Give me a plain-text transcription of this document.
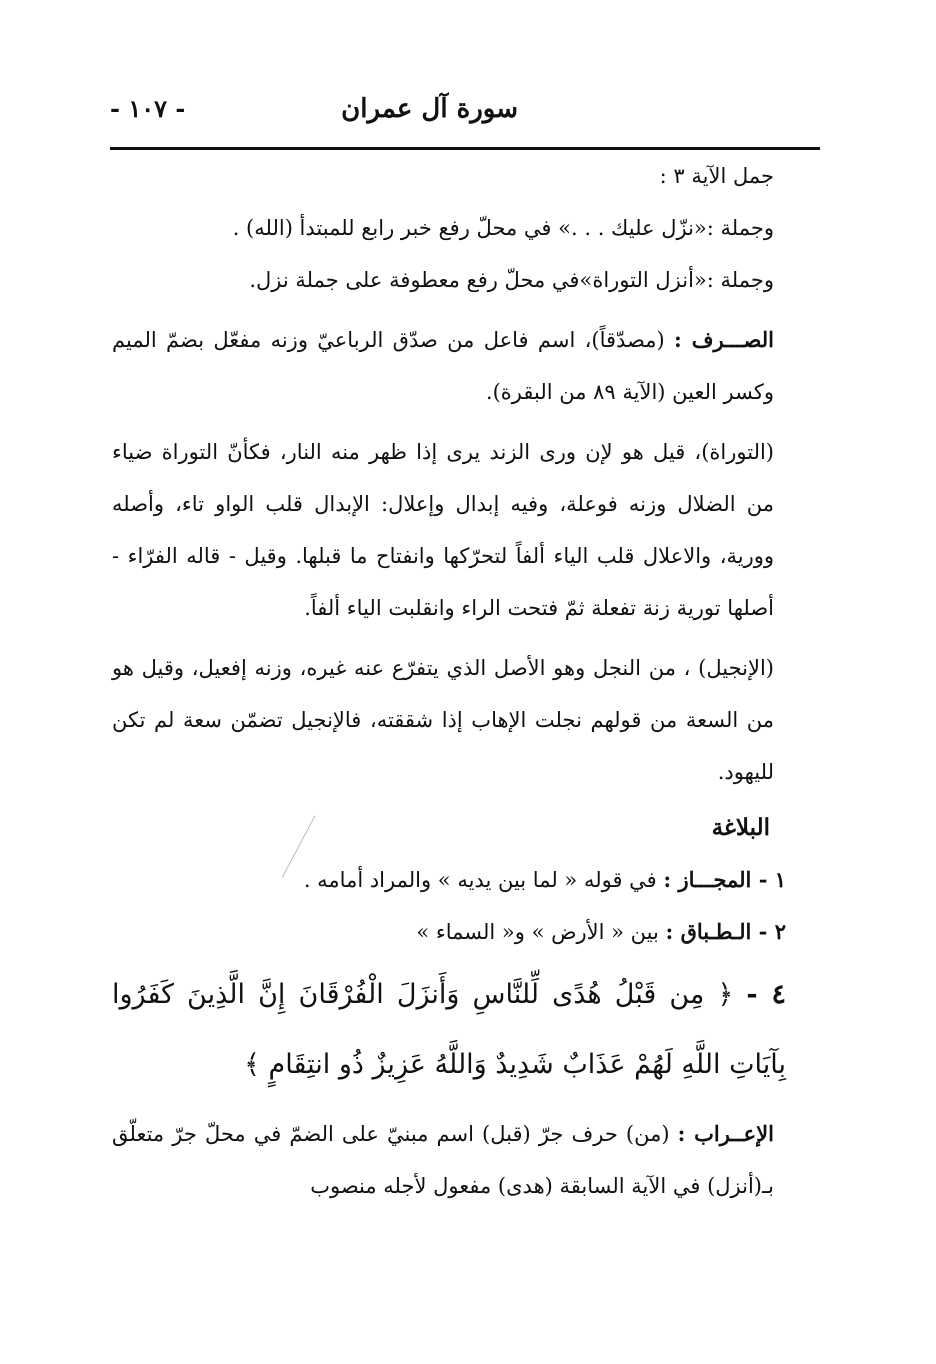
سورة آل عمران
- ١٠٧ -

جمل الآية ٣ :

وجملة :«نزّل عليك . . .» في محلّ رفع خبر رابع للمبتدأ (الله) .

وجملة :«أنزل التوراة»في محلّ رفع معطوفة على جملة نزل.

الصـــرف : (مصدّقاً)، اسم فاعل من صدّق الرباعيّ وزنه مفعّل بضمّ الميم وكسر العين (الآية ٨٩ من البقرة).

(التوراة)، قيل هو لإن ورى الزند يرى إذا ظهر منه النار، فكأنّ التوراة ضياء من الضلال وزنه فوعلة، وفيه إبدال وإعلال: الإبدال قلب الواو تاء، وأصله وورية، والاعلال قلب الياء ألفاً لتحرّكها وانفتاح ما قبلها. وقيل - قاله الفرّاء - أصلها تورية زنة تفعلة ثمّ فتحت الراء وانقلبت الياء ألفاً.

(الإنجيل) ، من النجل وهو الأصل الذي يتفرّع عنه غيره، وزنه إفعيل، وقيل هو من السعة من قولهم نجلت الإهاب إذا شققته، فالإنجيل تضمّن سعة لم تكن لليهود.

البلاغة

١ - المجـــاز : في قوله « لما بين يديه » والمراد أمامه .

٢ - الـطـباق : بين « الأرض » و« السماء »

٤ - ﴿ مِن قَبْلُ هُدًى لِّلنَّاسِ وَأَنزَلَ الْفُرْقَانَ إِنَّ الَّذِينَ كَفَرُوا بِآيَاتِ اللَّهِ لَهُمْ عَذَابٌ شَدِيدٌ وَاللَّهُ عَزِيزٌ ذُو انتِقَامٍ ﴾

الإعــراب : (من) حرف جرّ (قبل) اسم مبنيّ على الضمّ في محلّ جرّ متعلّق بـ(أنزل) في الآية السابقة (هدى) مفعول لأجله منصوب
